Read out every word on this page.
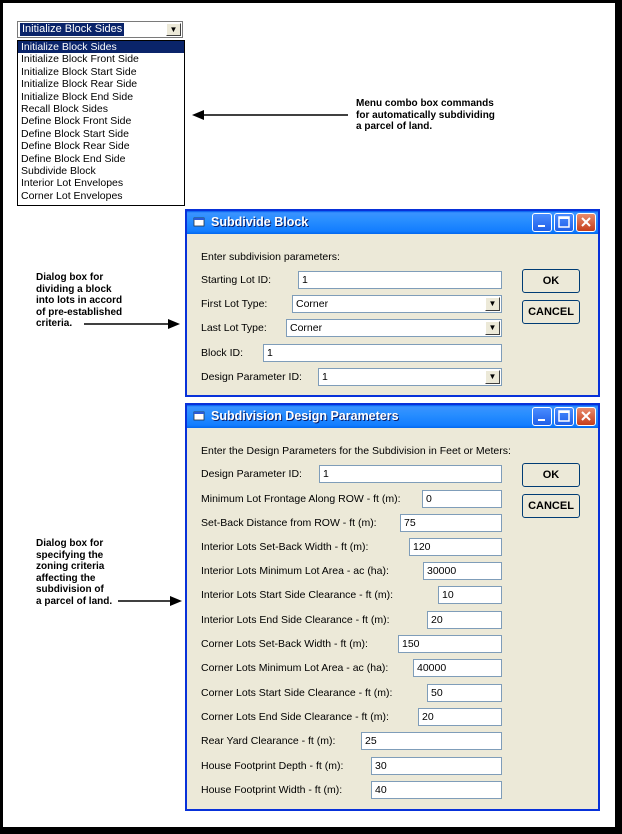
Initialize Block Sides	▼
Initialize Block Sides
Initialize Block Front Side
Initialize Block Start Side
Initialize Block Rear Side
Initialize Block End Side
Recall Block Sides
Define Block Front Side
Define Block Start Side
Define Block Rear Side
Define Block End Side
Subdivide Block
Interior Lot Envelopes
Corner Lot Envelopes
Menu combo box commands
for automatically subdividing
a parcel of land.
Dialog box for
dividing a block
into lots in accord
of pre-established
criteria.
Dialog box for
specifying the
zoning criteria
affecting the
subdivision of
a parcel of land.
Subdivide Block
Enter subdivision parameters:
Starting Lot ID:	1
First Lot Type:	Corner	▼
Last Lot Type:	Corner	▼
Block ID:	1
Design Parameter ID:	1	▼
OK
CANCEL
Subdivision Design Parameters
Enter the Design Parameters for the Subdivision in Feet or Meters:
Design Parameter ID:	1
Minimum Lot Frontage Along ROW - ft (m):	0
Set-Back Distance from ROW - ft (m):	75
Interior Lots Set-Back Width - ft (m):	120
Interior Lots Minimum Lot Area - ac (ha):	30000
Interior Lots Start Side Clearance - ft (m):	10
Interior Lots End Side Clearance - ft (m):	20
Corner Lots Set-Back Width - ft (m):	150
Corner Lots Minimum Lot Area - ac (ha):	40000
Corner Lots Start Side Clearance - ft (m):	50
Corner Lots End Side Clearance - ft (m):	20
Rear Yard Clearance - ft (m):	25
House Footprint Depth - ft (m):	30
House Footprint Width - ft (m):	40
OK
CANCEL
